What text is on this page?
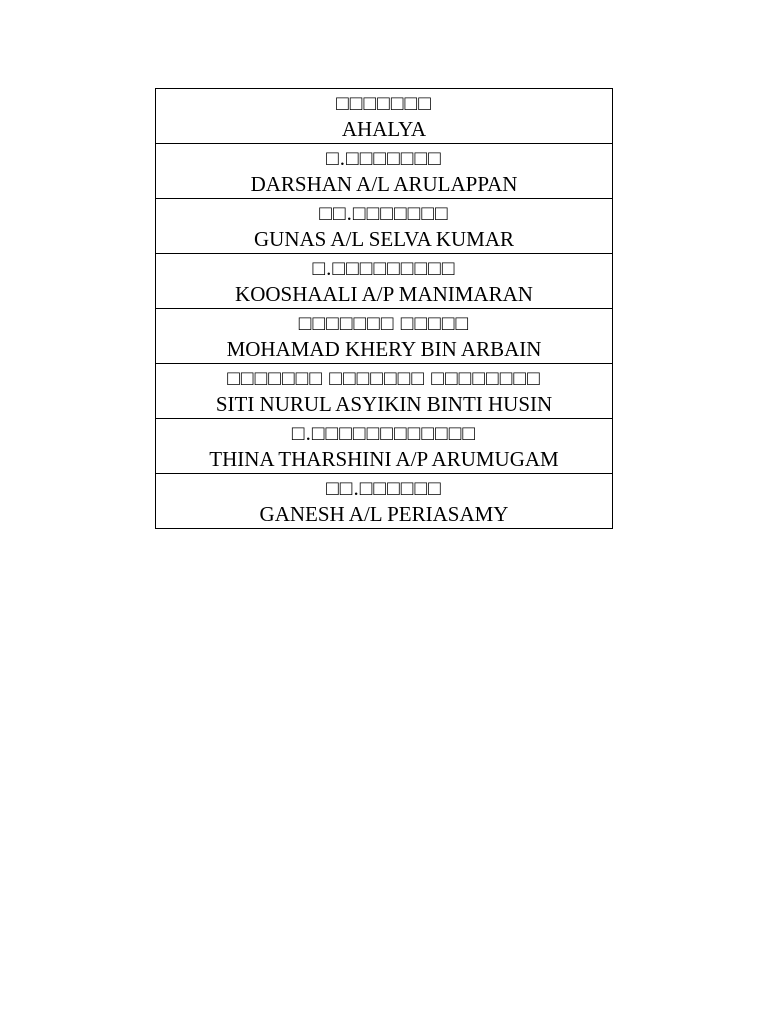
□□□□□□□
AHALYA

□.□□□□□□□
DARSHAN A/L ARULAPPAN

□□.□□□□□□□
GUNAS A/L SELVA KUMAR

□.□□□□□□□□□
KOOSHAALI A/P MANIMARAN

□□□□□□□ □□□□□
MOHAMAD KHERY BIN ARBAIN

□□□□□□□ □□□□□□□ □□□□□□□□
SITI NURUL ASYIKIN BINTI HUSIN

□.□□□□□□□□□□□□
THINA THARSHINI A/P ARUMUGAM

□□.□□□□□□
GANESH A/L PERIASAMY
